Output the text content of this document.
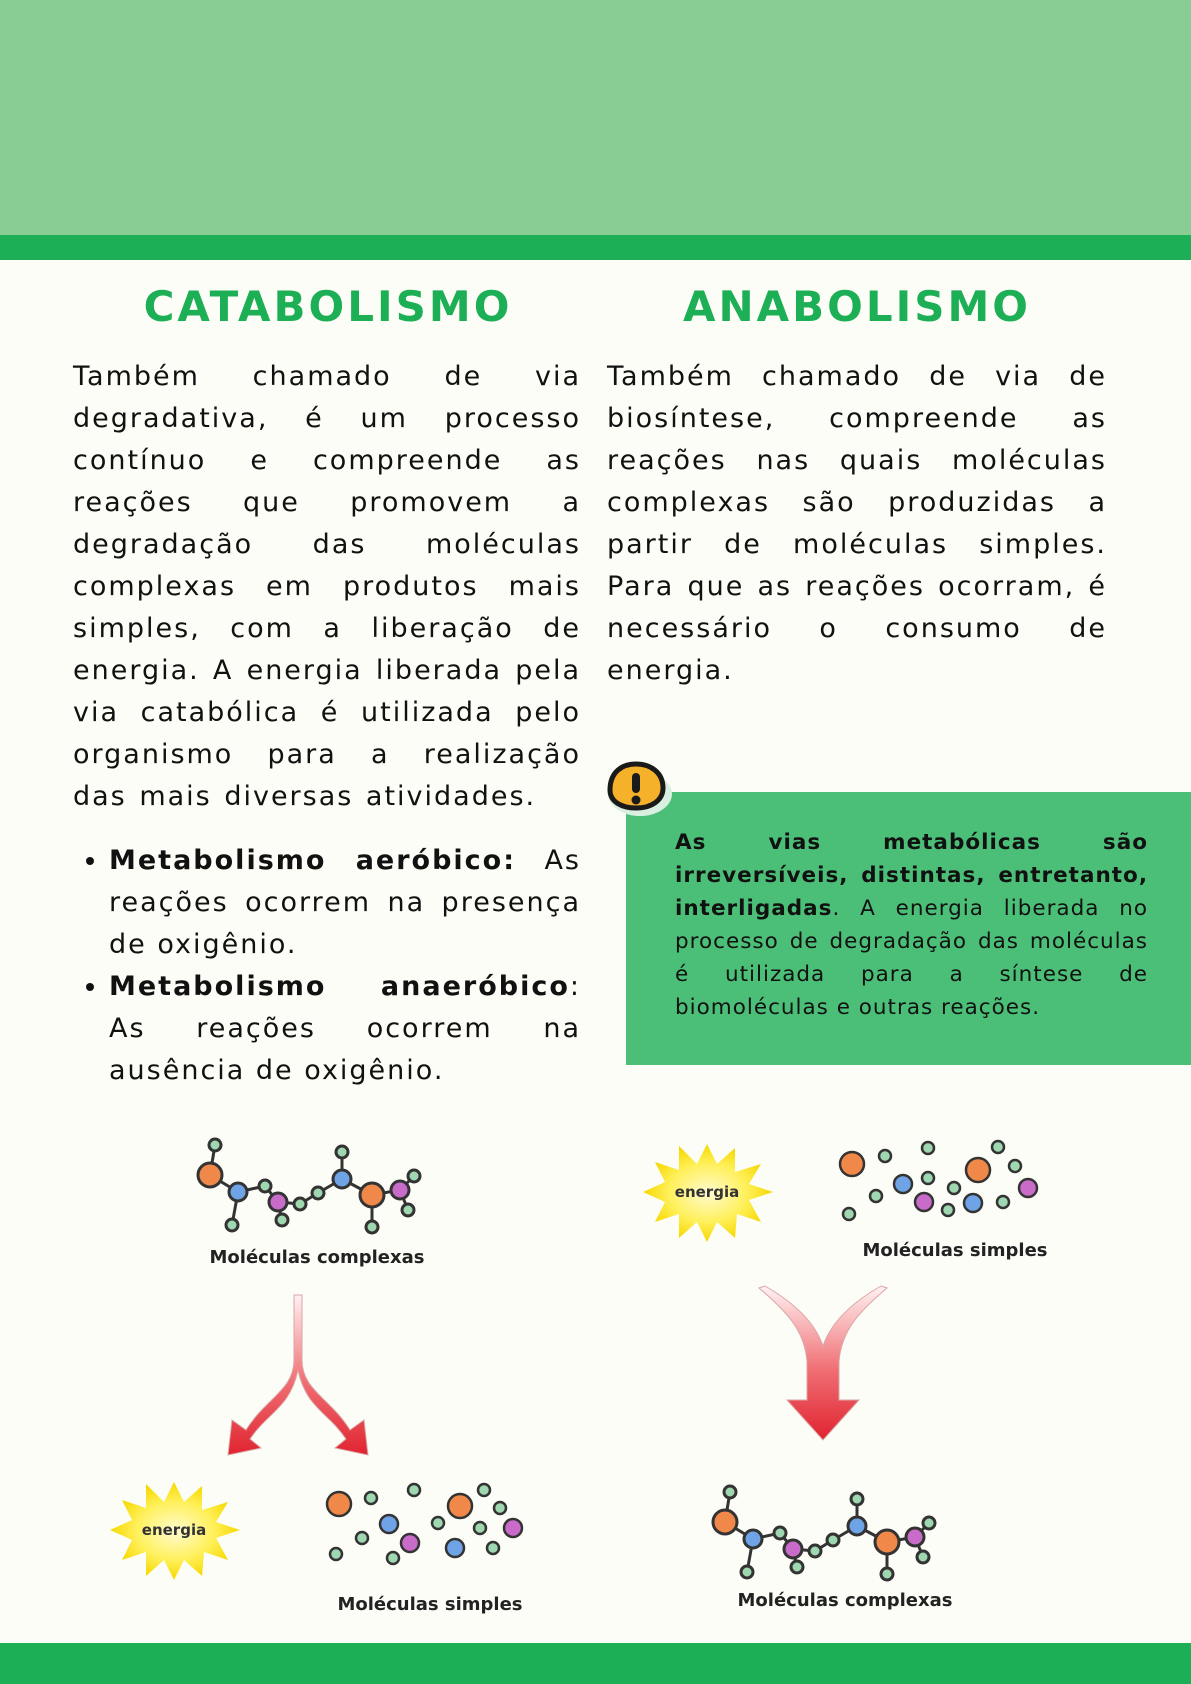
CATABOLISMO	ANABOLISMO

Também chamado de via degradativa, é um processo contínuo e compreende as reações que promovem a degradação das moléculas complexas em produtos mais simples, com a liberação de energia. A energia liberada pela via catabólica é utilizada pelo organismo para a realização das mais diversas atividades.

Também chamado de via de biosíntese, compreende as reações nas quais moléculas complexas são produzidas a partir de moléculas simples. Para que as reações ocorram, é necessário o consumo de energia.

• Metabolismo aeróbico: As reações ocorrem na presença de oxigênio.
• Metabolismo anaeróbico: As reações ocorrem na ausência de oxigênio.

As vias metabólicas são irreversíveis, distintas, entretanto, interligadas. A energia liberada no processo de degradação das moléculas é utilizada para a síntese de biomoléculas e outras reações.

Moléculas complexas
energia
Moléculas simples
energia
Moléculas simples
Moléculas complexas
